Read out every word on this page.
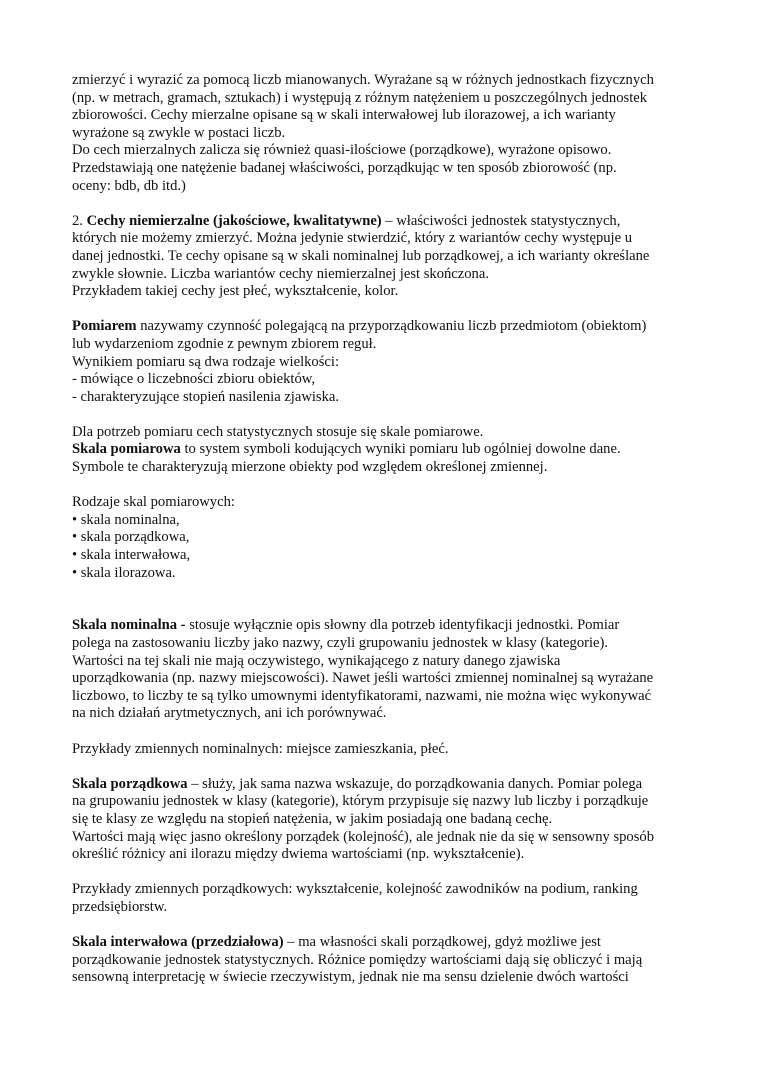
zmierzyć i wyrazić za pomocą liczb mianowanych. Wyrażane są w różnych jednostkach fizycznych
(np. w metrach, gramach, sztukach) i występują z różnym natężeniem u poszczególnych jednostek
zbiorowości. Cechy mierzalne opisane są w skali interwałowej lub ilorazowej, a ich warianty
wyrażone są zwykle w postaci liczb.
Do cech mierzalnych zalicza się również quasi-ilościowe (porządkowe), wyrażone opisowo.
Przedstawiają one natężenie badanej właściwości, porządkując w ten sposób zbiorowość (np.
oceny: bdb, db itd.)
2. Cechy niemierzalne (jakościowe, kwalitatywne) – właściwości jednostek statystycznych,
których nie możemy zmierzyć. Można jedynie stwierdzić, który z wariantów cechy występuje u
danej jednostki. Te cechy opisane są w skali nominalnej lub porządkowej, a ich warianty określane
zwykle słownie. Liczba wariantów cechy niemierzalnej jest skończona.
Przykładem takiej cechy jest płeć, wykształcenie, kolor.
Pomiarem nazywamy czynność polegającą na przyporządkowaniu liczb przedmiotom (obiektom)
lub wydarzeniom zgodnie z pewnym zbiorem reguł.
Wynikiem pomiaru są dwa rodzaje wielkości:
- mówiące o liczebności zbioru obiektów,
- charakteryzujące stopień nasilenia zjawiska.
Dla potrzeb pomiaru cech statystycznych stosuje się skale pomiarowe.
Skala pomiarowa to system symboli kodujących wyniki pomiaru lub ogólniej dowolne dane.
Symbole te charakteryzują mierzone obiekty pod względem określonej zmiennej.
Rodzaje skal pomiarowych:
• skala nominalna,
• skala porządkowa,
• skala interwałowa,
• skala ilorazowa.
Skala nominalna - stosuje wyłącznie opis słowny dla potrzeb identyfikacji jednostki. Pomiar
polega na zastosowaniu liczby jako nazwy, czyli grupowaniu jednostek w klasy (kategorie).
Wartości na tej skali nie mają oczywistego, wynikającego z natury danego zjawiska
uporządkowania (np. nazwy miejscowości). Nawet jeśli wartości zmiennej nominalnej są wyrażane
liczbowo, to liczby te są tylko umownymi identyfikatorami, nazwami, nie można więc wykonywać
na nich działań arytmetycznych, ani ich porównywać.
Przykłady zmiennych nominalnych: miejsce zamieszkania, płeć.
Skala porządkowa – służy, jak sama nazwa wskazuje, do porządkowania danych. Pomiar polega
na grupowaniu jednostek w klasy (kategorie), którym przypisuje się nazwy lub liczby i porządkuje
się te klasy ze względu na stopień natężenia, w jakim posiadają one badaną cechę.
Wartości mają więc jasno określony porządek (kolejność), ale jednak nie da się w sensowny sposób
określić różnicy ani ilorazu między dwiema wartościami (np. wykształcenie).
Przykłady zmiennych porządkowych: wykształcenie, kolejność zawodników na podium, ranking
przedsiębiorstw.
Skala interwałowa (przedziałowa) – ma własności skali porządkowej, gdyż możliwe jest
porządkowanie jednostek statystycznych. Różnice pomiędzy wartościami dają się obliczyć i mają
sensowną interpretację w świecie rzeczywistym, jednak nie ma sensu dzielenie dwóch wartości
